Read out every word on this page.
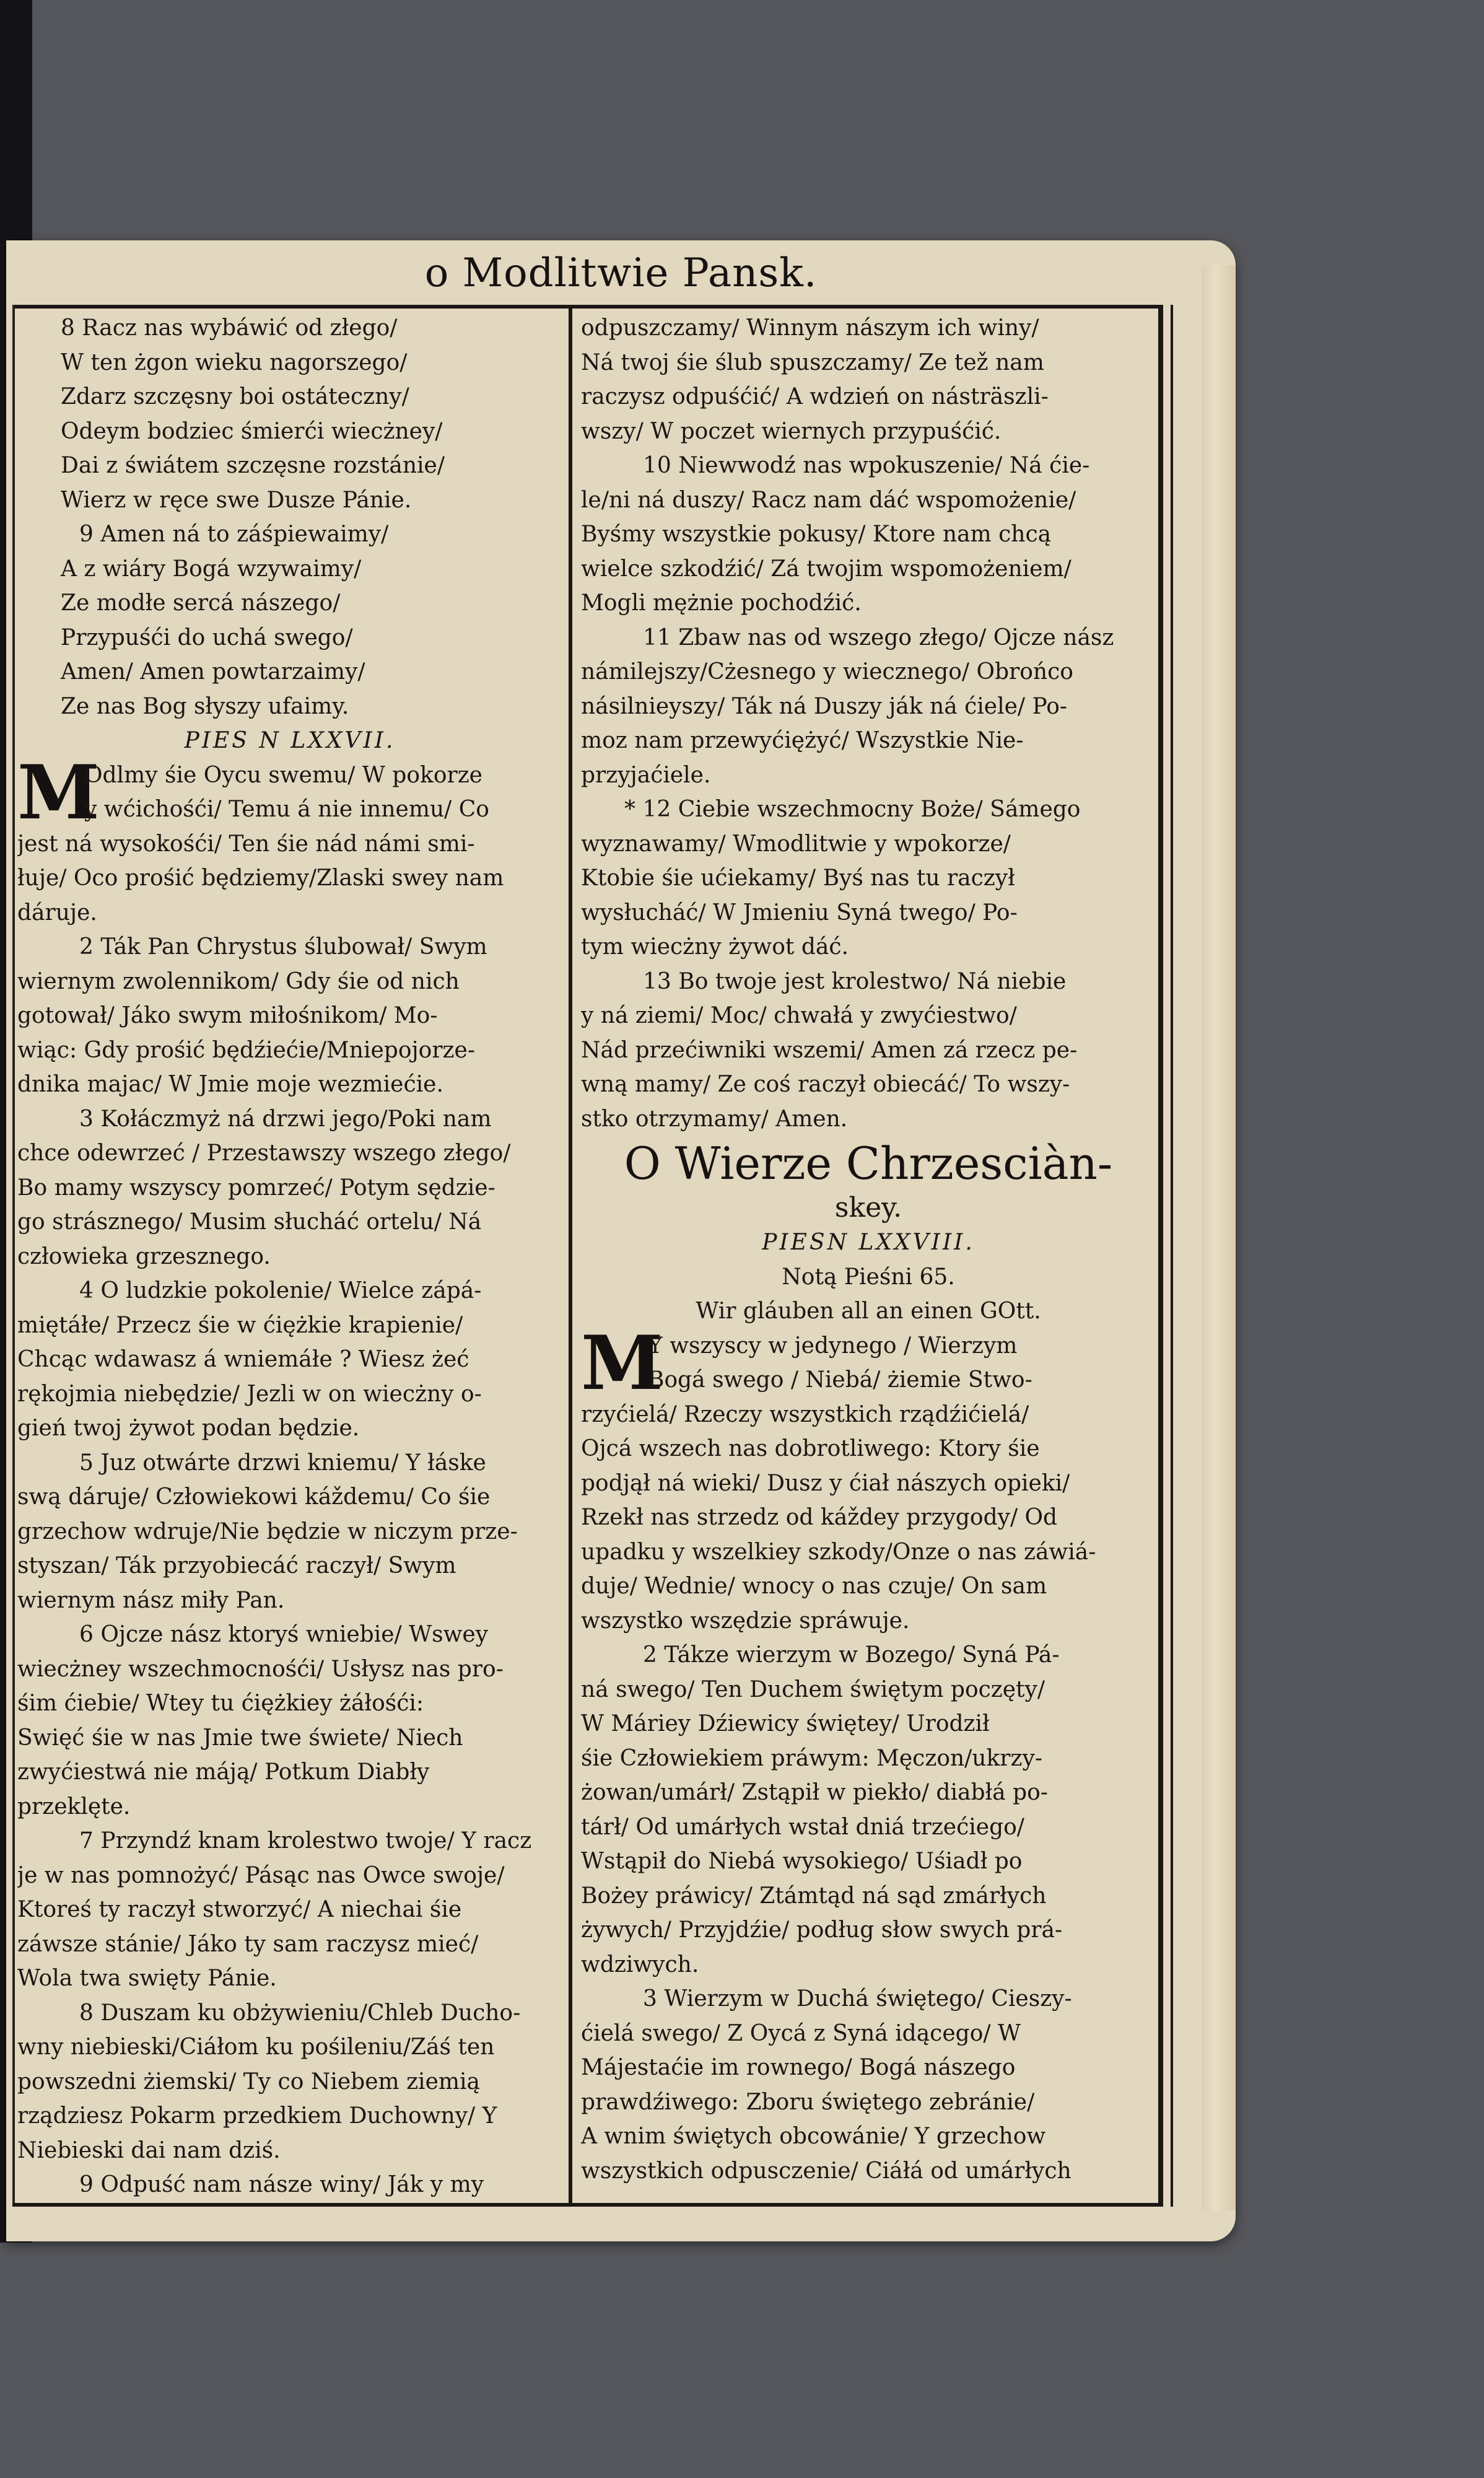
o Modlitwie Pansk.
8 Racz nas wybáwić od złego/
W ten żgon wieku nagorszego/
Zdarz szczęsny boi ostáteczny/
Odeym bodziec śmierći wiecżney/
Dai z świátem szczęsne rozstánie/
Wierz w ręce swe Dusze Pánie.
9 Amen ná to záśpiewaimy/
A z wiáry Bogá wzywaimy/
Ze modłe sercá nászego/
Przypuśći do uchá swego/
Amen/ Amen powtarzaimy/
Ze nas Bog słyszy ufaimy.
PIES N LXXVII.
M
Odlmy śie Oycu swemu/ W pokorze
y wćichośći/ Temu á nie innemu/ Co
jest ná wysokośći/ Ten śie nád námi smi-
łuje/ Oco prośić będziemy/Zlaski swey nam
dáruje.
2 Ták Pan Chrystus ślubował/ Swym
wiernym zwolennikom/ Gdy śie od nich
gotował/ Jáko swym miłośnikom/ Mo-
wiąc: Gdy prośić będźiećie/Mniepojorze-
dnika majac/ W Jmie moje wezmiećie.
3 Kołáczmyż ná drzwi jego/Poki nam
chce odewrzeć / Przestawszy wszego złego/
Bo mamy wszyscy pomrzeć/ Potym sędzie-
go strásznego/ Musim słucháć ortelu/ Ná
człowieka grzesznego.
4 O ludzkie pokolenie/ Wielce zápá-
miętáłe/ Przecz śie w ćiężkie krapienie/
Chcąc wdawasz á wniemáłe ? Wiesz żeć
rękojmia niebędzie/ Jezli w on wiecżny o-
gień twoj żywot podan będzie.
5 Juz otwárte drzwi kniemu/ Y łáske
swą dáruje/ Człowiekowi káždemu/ Co śie
grzechow wdruje/Nie będzie w niczym prze-
styszan/ Ták przyobiecáć raczył/ Swym
wiernym nász miły Pan.
6 Ojcze nász ktoryś wniebie/ Wswey
wiecżney wszechmocnośći/ Usłysz nas pro-
śim ćiebie/ Wtey tu ćiężkiey żáłośći:
Swięć śie w nas Jmie twe świete/ Niech
zwyćiestwá nie máją/ Potkum Diabły
przeklęte.
7 Przyndź knam krolestwo twoje/ Y racz
je w nas pomnożyć/ Pásąc nas Owce swoje/
Ktoreś ty raczył stworzyć/ A niechai śie
záwsze stánie/ Jáko ty sam raczysz mieć/
Wola twa swięty Pánie.
8 Duszam ku obżywieniu/Chleb Ducho-
wny niebieski/Ciáłom ku pośileniu/Záś ten
powszedni żiemski/ Ty co Niebem ziemią
rządziesz Pokarm przedkiem Duchowny/ Y
Niebieski dai nam dziś.
9 Odpuść nam násze winy/ Ják y my
odpuszczamy/ Winnym nászym ich winy/
Ná twoj śie ślub spuszczamy/ Ze tež nam
raczysz odpuśćić/ A wdzień on násträszli-
wszy/ W poczet wiernych przypuśćić.
10 Niewwodź nas wpokuszenie/ Ná ćie-
le/ni ná duszy/ Racz nam dáć wspomożenie/
Byśmy wszystkie pokusy/ Ktore nam chcą
wielce szkodźić/ Zá twojim wspomożeniem/
Mogli mężnie pochodźić.
11 Zbaw nas od wszego złego/ Ojcze nász
námilejszy/Cżesnego y wiecznego/ Obrońco
násilnieyszy/ Ták ná Duszy ják ná ćiele/ Po-
moz nam przewyćiężyć/ Wszystkie Nie-
przyjaćiele.
* 12 Ciebie wszechmocny Boże/ Sámego
wyznawamy/ Wmodlitwie y wpokorze/
Ktobie śie ućiekamy/ Byś nas tu raczył
wysłucháć/ W Jmieniu Syná twego/ Po-
tym wiecżny żywot dáć.
13 Bo twoje jest krolestwo/ Ná niebie
y ná ziemi/ Moc/ chwałá y zwyćiestwo/
Nád przećiwniki wszemi/ Amen zá rzecz pe-
wną mamy/ Ze coś raczył obiecáć/ To wszy-
stko otrzymamy/ Amen.
O Wierze Chrzesciàn-
skey.
PIESN LXXVIII.
Notą Pieśni 65.
Wir gláuben all an einen GOtt.
M
Y wszyscy w jedynego / Wierzym
Bogá swego / Niebá/ żiemie Stwo-
rzyćielá/ Rzeczy wszystkich rządźićielá/
Ojcá wszech nas dobrotliwego: Ktory śie
podjął ná wieki/ Dusz y ćiał nászych opieki/
Rzekł nas strzedz od káždey przygody/ Od
upadku y wszelkiey szkody/Onze o nas záwiá-
duje/ Wednie/ wnocy o nas czuje/ On sam
wszystko wszędzie spráwuje.
2 Tákze wierzym w Bozego/ Syná Pá-
ná swego/ Ten Duchem świętym poczęty/
W Máriey Dźiewicy świętey/ Urodził
śie Człowiekiem práwym: Męczon/ukrzy-
żowan/umárł/ Zstąpił w piekło/ diabłá po-
tárł/ Od umárłych wstał dniá trzećiego/
Wstąpił do Niebá wysokiego/ Uśiadł po
Bożey práwicy/ Ztámtąd ná sąd zmárłych
żywych/ Przyjdźie/ podług słow swych prá-
wdziwych.
3 Wierzym w Duchá świętego/ Cieszy-
ćielá swego/ Z Oycá z Syná idącego/ W
Májestaćie im rownego/ Bogá nászego
prawdźiwego: Zboru świętego zebránie/
A wnim świętych obcowánie/ Y grzechow
wszystkich odpusczenie/ Ciáłá od umárłych
